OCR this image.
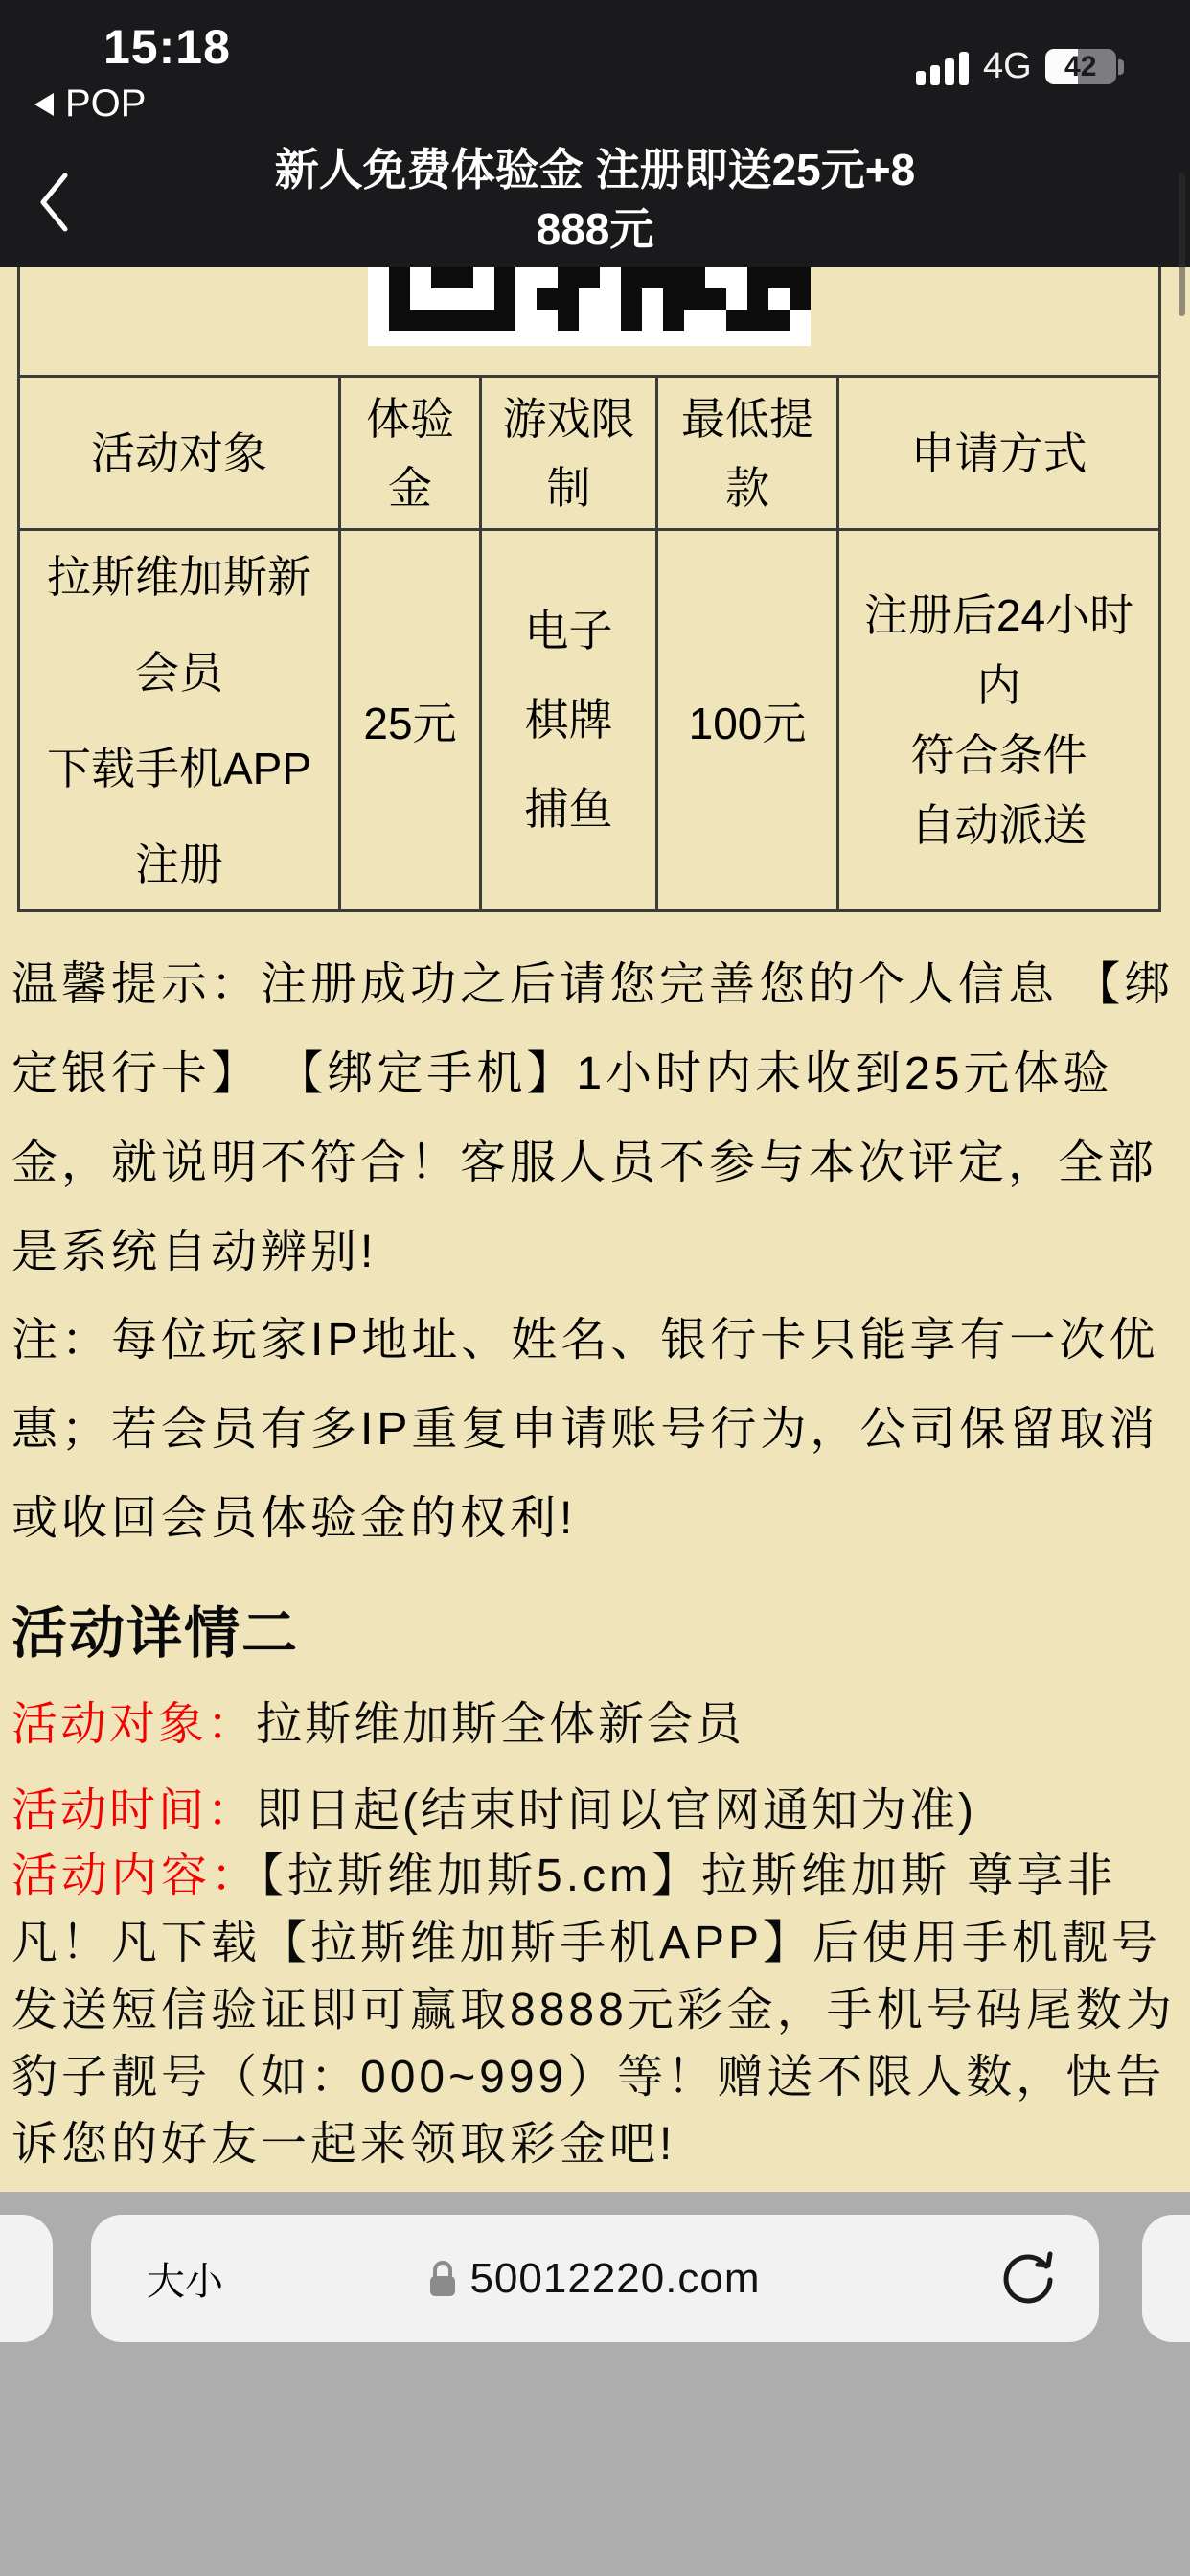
15:18
POP
4G	42
新人免费体验金 注册即送25元+8
888元
活动对象
体验
金
游戏限
制
最低提
款
申请方式
拉斯维加斯新
会员
下载手机APP
注册
25元
电子
棋牌
捕鱼
100元
注册后24小时
内
符合条件
自动派送
温馨提示：注册成功之后请您完善您的个人信息 【绑定银行卡】 【绑定手机】1小时内未收到25元体验金，就说明不符合！客服人员不参与本次评定，全部是系统自动辨别!
注：每位玩家IP地址、姓名、银行卡只能享有一次优惠；若会员有多IP重复申请账号行为，公司保留取消或收回会员体验金的权利!
活动详情二
活动对象：拉斯维加斯全体新会员
活动时间：即日起(结束时间以官网通知为准)
活动内容：【拉斯维加斯5.cm】拉斯维加斯 尊享非凡！凡下载【拉斯维加斯手机APP】后使用手机靓号发送短信验证即可赢取8888元彩金，手机号码尾数为豹子靓号（如：000~999）等！赠送不限人数，快告诉您的好友一起来领取彩金吧!
大小	50012220.com
